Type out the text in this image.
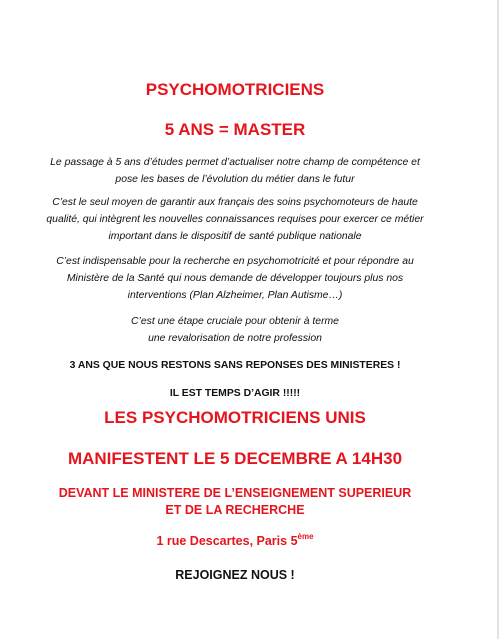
PSYCHOMOTRICIENS
5 ANS = MASTER
Le passage à 5 ans d’études permet d’actualiser notre champ de compétence et
pose les bases de l’évolution du métier dans le futur
C’est le seul moyen de garantir aux français des soins psychomoteurs de haute
qualité, qui intègrent les nouvelles connaissances requises pour exercer ce métier
important dans le dispositif de santé publique nationale
C’est indispensable pour la recherche en psychomotricité et pour répondre au
Ministère de la Santé qui nous demande de développer toujours plus nos
interventions (Plan Alzheimer, Plan Autisme…)
C’est une étape cruciale pour obtenir à terme
une revalorisation de notre profession
3 ANS QUE NOUS RESTONS SANS REPONSES DES MINISTERES !
IL EST TEMPS D’AGIR !!!!!
LES PSYCHOMOTRICIENS UNIS
MANIFESTENT LE 5 DECEMBRE A 14H30
DEVANT LE MINISTERE DE L’ENSEIGNEMENT SUPERIEUR
ET DE LA RECHERCHE
1 rue Descartes, Paris 5ème
REJOIGNEZ NOUS !
